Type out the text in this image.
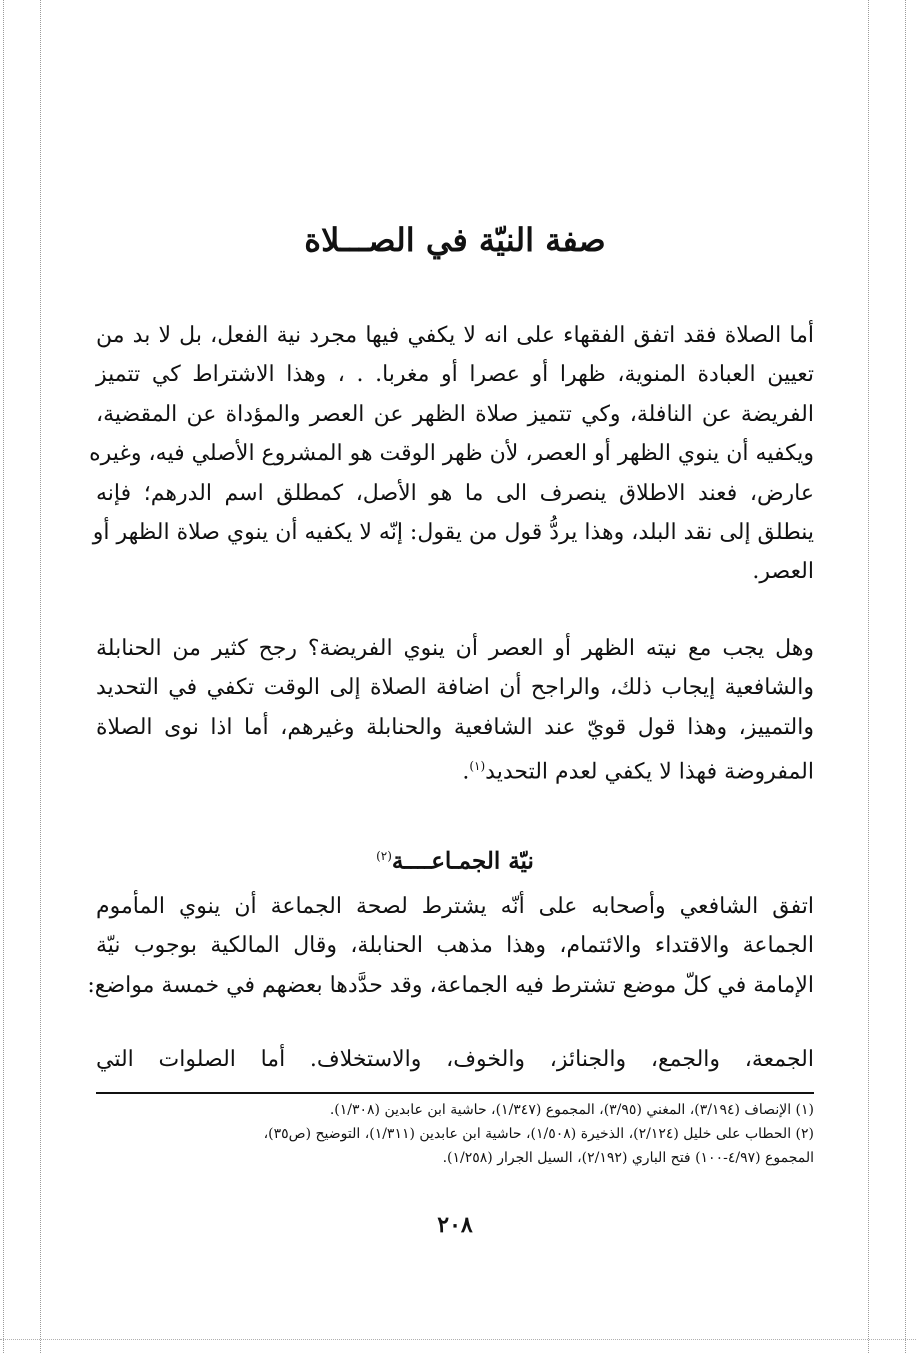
صفة النيّة في الصـــلاة
أما الصلاة فقد اتفق الفقهاء على انه لا يكفي فيها مجرد نية الفعل، بل لا بد من
تعيين العبادة المنوية، ظهرا أو عصرا أو مغربا. . ، وهذا الاشتراط كي تتميز
الفريضة عن النافلة، وكي تتميز صلاة الظهر عن العصر والمؤداة عن المقضية،
ويكفيه أن ينوي الظهر أو العصر، لأن ظهر الوقت هو المشروع الأصلي فيه، وغيره
عارض، فعند الاطلاق ينصرف الى ما هو الأصل، كمطلق اسم الدرهم؛ فإنه
ينطلق إلى نقد البلد، وهذا يردُّ قول من يقول: إنّه لا يكفيه أن ينوي صلاة الظهر أو
العصر.
وهل يجب مع نيته الظهر أو العصر أن ينوي الفريضة؟ رجح كثير من الحنابلة
والشافعية إيجاب ذلك، والراجح أن اضافة الصلاة إلى الوقت تكفي في التحديد
والتمييز، وهذا قول قويّ عند الشافعية والحنابلة وغيرهم، أما اذا نوى الصلاة
المفروضة فهذا لا يكفي لعدم التحديد$^{(١)}$.
نيّة الجمـاعــــة$^{(٢)}$
اتفق الشافعي وأصحابه على أنّه يشترط لصحة الجماعة أن ينوي المأموم
الجماعة والاقتداء والائتمام، وهذا مذهب الحنابلة، وقال المالكية بوجوب نيّة
الإمامة في كلّ موضع تشترط فيه الجماعة، وقد حدَّدها بعضهم في خمسة مواضع:
الجمعة، والجمع، والجنائز، والخوف، والاستخلاف. أما الصلوات التي
(١) الإنصاف (٣/١٩٤)، المغني (٣/٩٥)، المجموع (١/٣٤٧)، حاشية ابن عابدين (١/٣٠٨).
(٢) الحطاب على خليل (٢/١٢٤)، الذخيرة (١/٥٠٨)، حاشية ابن عابدين (١/٣١١)، التوضيح (ص٣٥)،
المجموع (٤/٩٧-١٠٠) فتح الباري (٢/١٩٢)، السيل الجرار (١/٢٥٨).
٢٠٨
